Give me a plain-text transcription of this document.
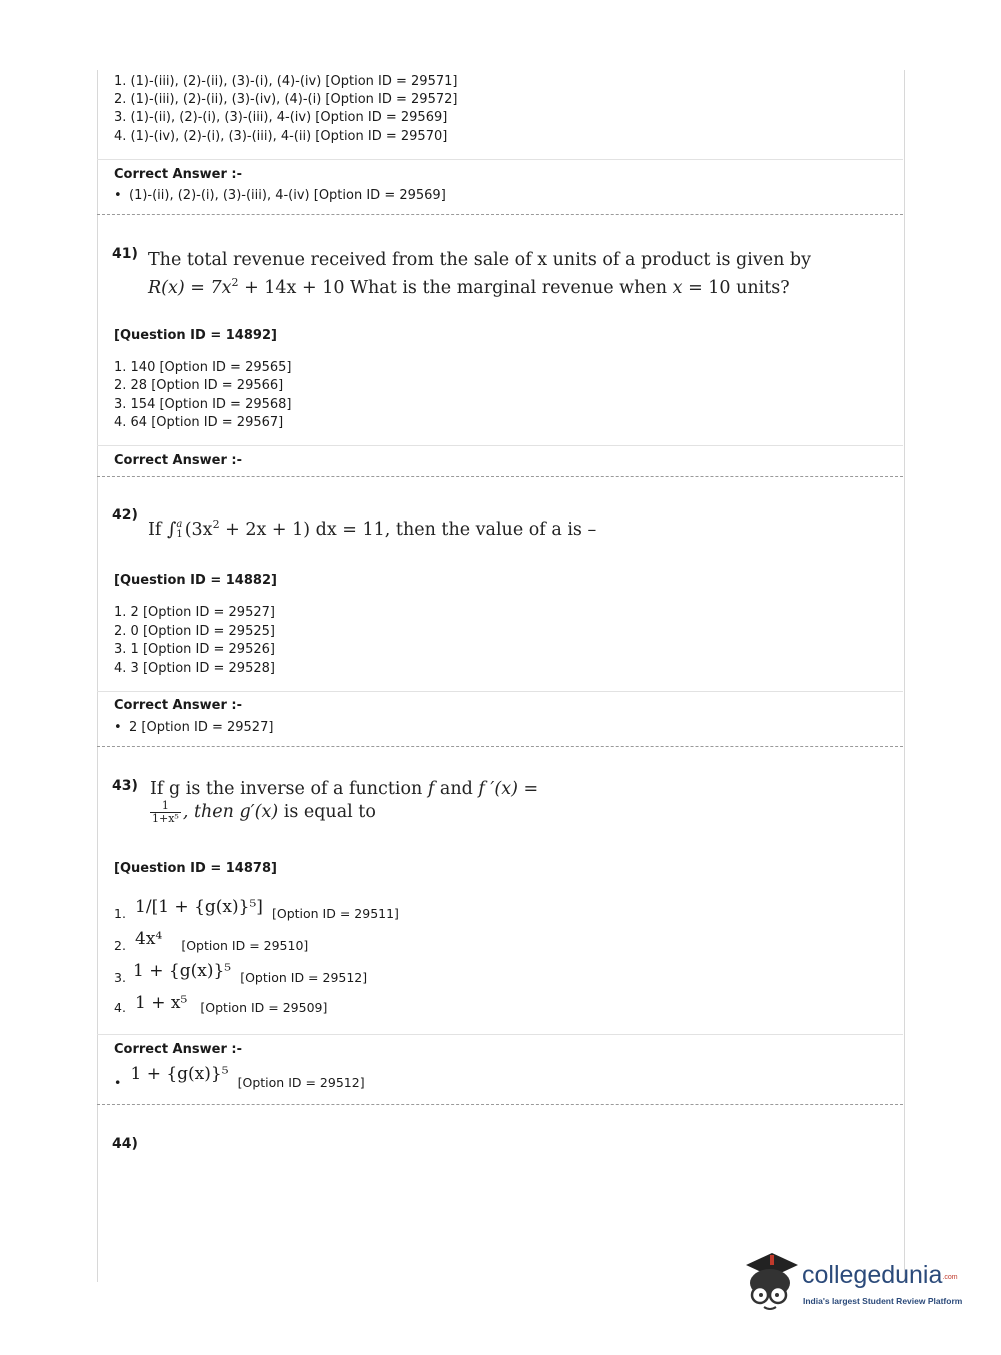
1. (1)-(iii), (2)-(ii), (3)-(i), (4)-(iv) [Option ID = 29571]
2. (1)-(iii), (2)-(ii), (3)-(iv), (4)-(i) [Option ID = 29572]
3. (1)-(ii), (2)-(i), (3)-(iii), 4-(iv) [Option ID = 29569]
4. (1)-(iv), (2)-(i), (3)-(iii), 4-(ii) [Option ID = 29570]
Correct Answer :-
• (1)-(ii), (2)-(i), (3)-(iii), 4-(iv) [Option ID = 29569]
41) The total revenue received from the sale of x units of a product is given by
$R(x) = 7x^2 + 14x + 10$ What is the marginal revenue when x = 10 units?
[Question ID = 14892]
1. 140 [Option ID = 29565]
2. 28 [Option ID = 29566]
3. 154 [Option ID = 29568]
4. 64 [Option ID = 29567]
Correct Answer :-
42)
If ∫ a
1 $(3x^2 + 2x + 1)$ dx = 11, then the value of a is –
[Question ID = 14882]
1. 2 [Option ID = 29527]
2. 0 [Option ID = 29525]
3. 1 [Option ID = 29526]
4. 3 [Option ID = 29528]
Correct Answer :-
• 2 [Option ID = 29527]
43) If g is the inverse of a function f and f ′(x) =
$\frac{1}{\text{1+x⁵}}$ , then g′(x) is equal to
[Question ID = 14878]
1. 1/[1 + {g(x)}⁵] [Option ID = 29511]
2. 4x⁴ [Option ID = 29510]
3. 1 + {g(x)}⁵ [Option ID = 29512]
4. 1 + x⁵ [Option ID = 29509]
Correct Answer :-
• 1 + {g(x)}⁵ [Option ID = 29512]
44)
collegedunia.com
India's largest Student Review Platform
